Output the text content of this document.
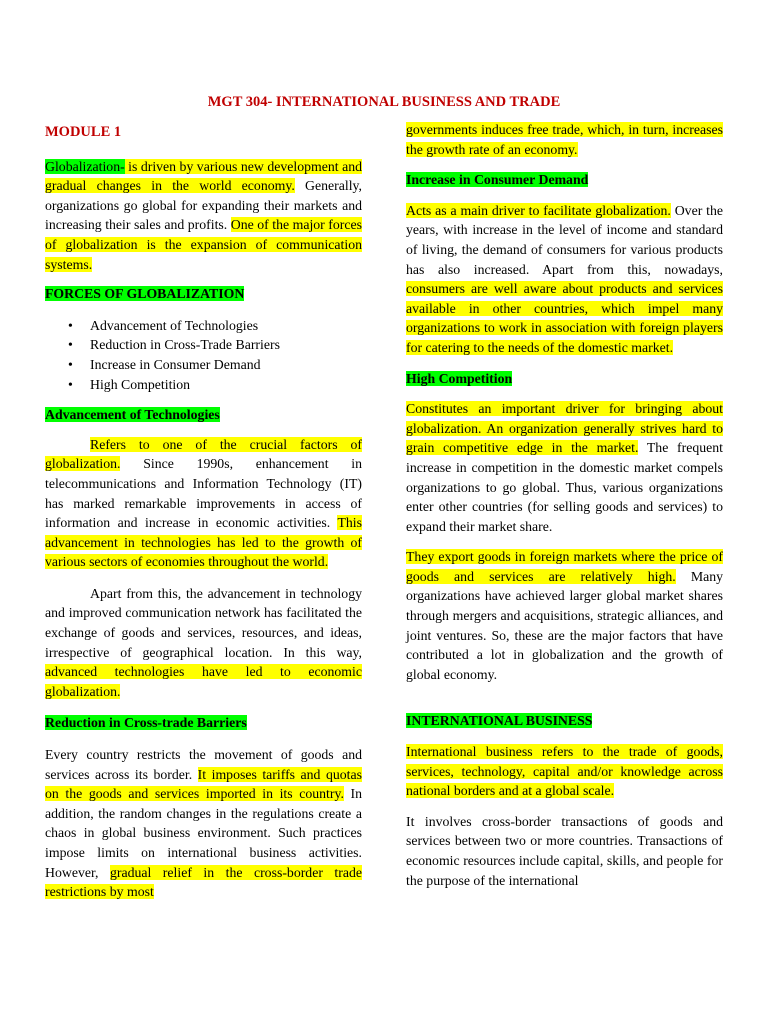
MGT 304- INTERNATIONAL BUSINESS AND TRADE
MODULE 1

Globalization- is driven by various new development and gradual changes in the world economy. Generally, organizations go global for expanding their markets and increasing their sales and profits. One of the major forces of globalization is the expansion of communication systems.

FORCES OF GLOBALIZATION
• Advancement of Technologies
• Reduction in Cross-Trade Barriers
• Increase in Consumer Demand
• High Competition
Advancement of Technologies

Refers to one of the crucial factors of globalization. Since 1990s, enhancement in telecommunications and Information Technology (IT) has marked remarkable improvements in access of information and increase in economic activities. This advancement in technologies has led to the growth of various sectors of economies throughout the world.

Apart from this, the advancement in technology and improved communication network has facilitated the exchange of goods and services, resources, and ideas, irrespective of geographical location. In this way, advanced technologies have led to economic globalization.

Reduction in Cross-trade Barriers

Every country restricts the movement of goods and services across its border. It imposes tariffs and quotas on the goods and services imported in its country. In addition, the random changes in the regulations create a chaos in global business environment. Such practices impose limits on international business activities. However, gradual relief in the cross-border trade restrictions by most

governments induces free trade, which, in turn, increases the growth rate of an economy.

Increase in Consumer Demand

Acts as a main driver to facilitate globalization. Over the years, with increase in the level of income and standard of living, the demand of consumers for various products has also increased. Apart from this, nowadays, consumers are well aware about products and services available in other countries, which impel many organizations to work in association with foreign players for catering to the needs of the domestic market.

High Competition

Constitutes an important driver for bringing about globalization. An organization generally strives hard to grain competitive edge in the market. The frequent increase in competition in the domestic market compels organizations to go global. Thus, various organizations enter other countries (for selling goods and services) to expand their market share.

They export goods in foreign markets where the price of goods and services are relatively high. Many organizations have achieved larger global market shares through mergers and acquisitions, strategic alliances, and joint ventures. So, these are the major factors that have contributed a lot in globalization and the growth of global economy.

INTERNATIONAL BUSINESS

International business refers to the trade of goods, services, technology, capital and/or knowledge across national borders and at a global scale.

It involves cross-border transactions of goods and services between two or more countries. Transactions of economic resources include capital, skills, and people for the purpose of the international
